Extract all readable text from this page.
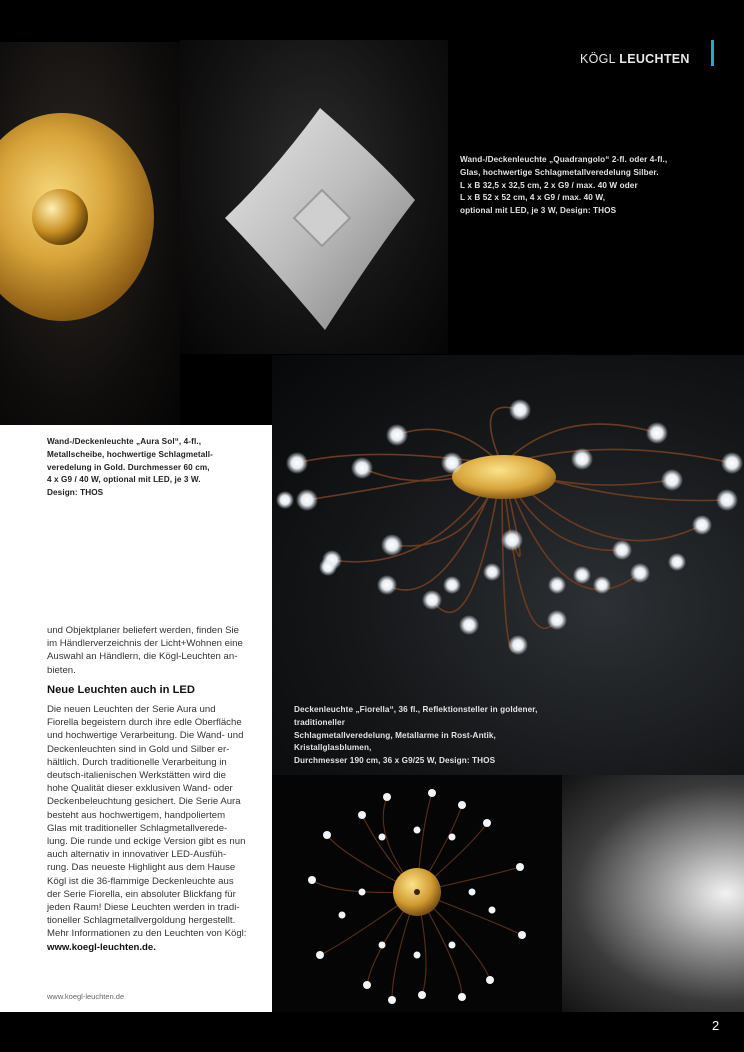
KÖGL LEUCHTEN

Wand-/Deckenleuchte „Quadrangolo“ 2-fl. oder 4-fl.,

Glas, hochwertige Schlagmetallveredelung Silber.

L x B 32,5 x 32,5 cm, 2 x G9 / max. 40 W oder

L x B 52 x 52 cm, 4 x G9 / max. 40 W,

optional mit LED, je 3 W, Design: THOS

Deckenleuchte „Fiorella“, 36 fl., Reflektionsteller in goldener, traditioneller

Schlagmetallveredelung, Metallarme in Rost-Antik, Kristallglasblumen,

Durchmesser 190 cm, 36 x G9/25 W, Design: THOS

Wand-/Deckenleuchte „Aura Sol“, 4-fl.,

Metallscheibe, hochwertige Schlagmetall-

veredelung in Gold. Durchmesser 60 cm,

4 x G9 / 40 W, optional mit LED, je 3 W.

Design: THOS

und Objektplaner beliefert werden, finden Sie

im Händlerverzeichnis der Licht+Wohnen eine

Auswahl an Händlern, die Kögl-Leuchten an-

bieten.

Neue Leuchten auch in LED

Die neuen Leuchten der Serie Aura und

Fiorella begeistern durch ihre edle Oberfläche

und hochwertige Verarbeitung. Die Wand- und

Deckenleuchten sind in Gold und Silber er-

hältlich. Durch traditionelle Verarbeitung in

deutsch-italienischen Werkstätten wird die

hohe Qualität dieser exklusiven Wand- oder

Deckenbeleuchtung gesichert. Die Serie Aura

besteht aus hochwertigem, handpoliertem

Glas mit traditioneller Schlagmetallverede-

lung. Die runde und eckige Version gibt es nun

auch alternativ in innovativer LED-Ausfüh-

rung. Das neueste Highlight aus dem Hause

Kögl ist die 36-flammige Deckenleuchte aus

der Serie Fiorella, ein absoluter Blickfang für

jeden Raum! Diese Leuchten werden in tradi-

tioneller Schlagmetallvergoldung hergestellt.

Mehr Informationen zu den Leuchten von Kögl:

www.koegl-leuchten.de.

www.koegl-leuchten.de
2
